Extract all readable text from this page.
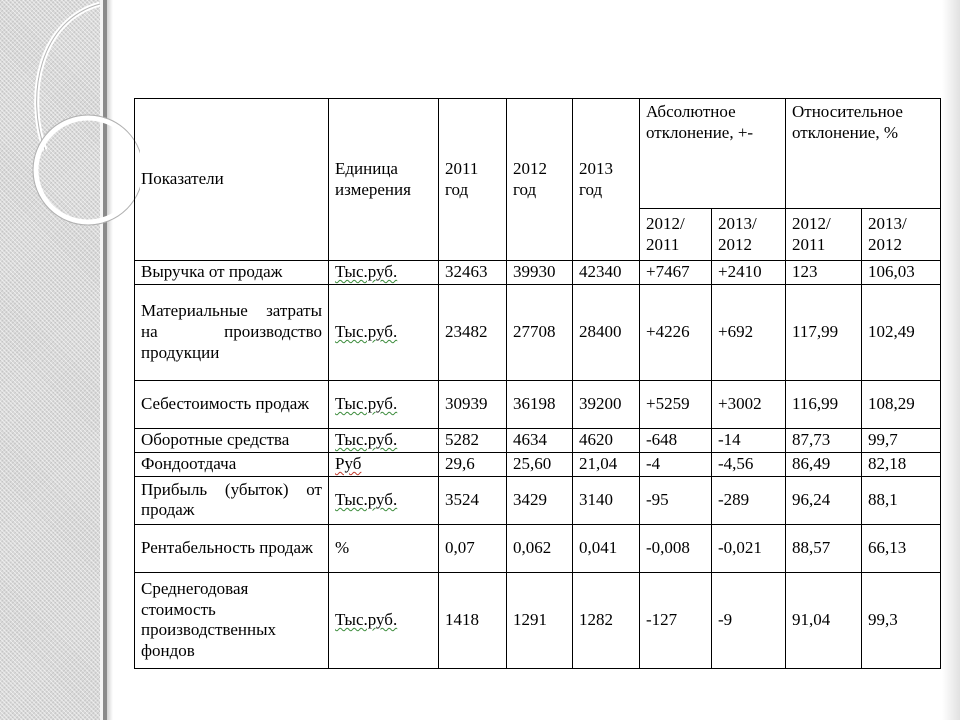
Показатели	Единица измерения	2011 год	2012 год	2013 год	Абсолютное отклонение, +-		Относительное отклонение, %	
					2012/ 2011	2013/ 2012	2012/ 2011	2013/ 2012
Выручка от продаж	Тыс.руб.	32463	39930	42340	+7467	+2410	123	106,03
Материальные затраты на производство продукции	Тыс.руб.	23482	27708	28400	+4226	+692	117,99	102,49
Себестоимость продаж	Тыс.руб.	30939	36198	39200	+5259	+3002	116,99	108,29
Оборотные средства	Тыс.руб.	5282	4634	4620	-648	-14	87,73	99,7
Фондоотдача	Руб	29,6	25,60	21,04	-4	-4,56	86,49	82,18
Прибыль (убыток) от продаж	Тыс.руб.	3524	3429	3140	-95	-289	96,24	88,1
Рентабельность продаж	%	0,07	0,062	0,041	-0,008	-0,021	88,57	66,13
Среднегодовая стоимость производственных фондов	Тыс.руб.	1418	1291	1282	-127	-9	91,04	99,3
